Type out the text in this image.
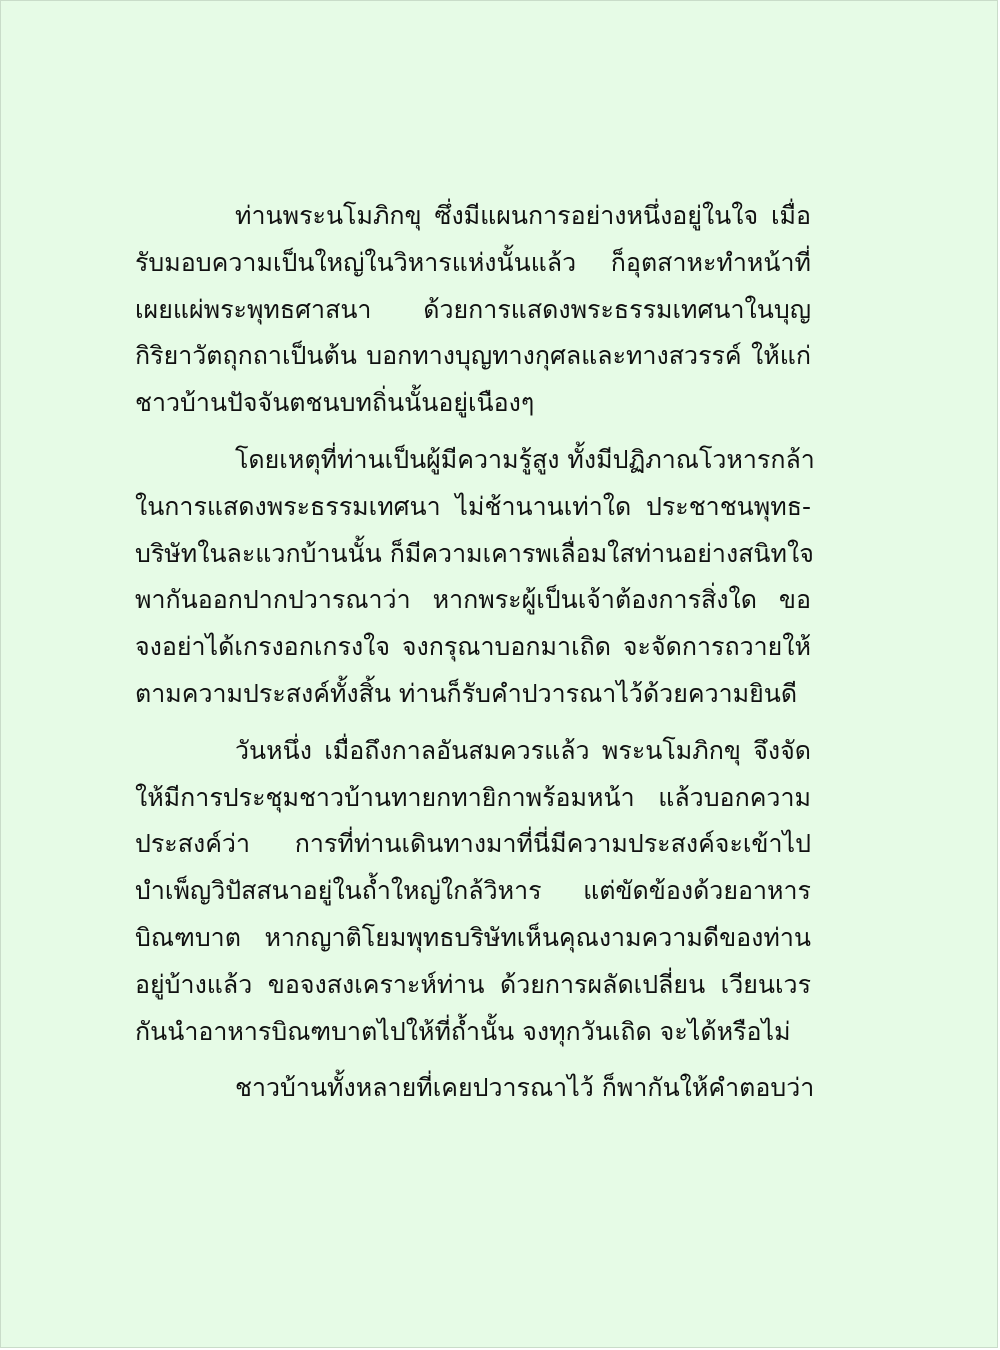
ท่านพระนโมภิกขุ ซึ่งมีแผนการอย่างหนึ่งอยู่ในใจ เมื่อ
รับมอบความเป็นใหญ่ในวิหารแห่งนั้นแล้ว ก็อุตสาหะทำหน้าที่
เผยแผ่พระพุทธศาสนา ด้วยการแสดงพระธรรมเทศนาในบุญ
กิริยาวัตถุกถาเป็นต้น บอกทางบุญทางกุศลและทางสวรรค์ ให้แก่
ชาวบ้านปัจจันตชนบทถิ่นนั้นอยู่เนืองๆ
โดยเหตุที่ท่านเป็นผู้มีความรู้สูง ทั้งมีปฏิภาณโวหารกล้า
ในการแสดงพระธรรมเทศนา ไม่ช้านานเท่าใด ประชาชนพุทธ-
บริษัทในละแวกบ้านนั้น ก็มีความเคารพเลื่อมใสท่านอย่างสนิทใจ
พากันออกปากปวารณาว่า หากพระผู้เป็นเจ้าต้องการสิ่งใด ขอ
จงอย่าได้เกรงอกเกรงใจ จงกรุณาบอกมาเถิด จะจัดการถวายให้
ตามความประสงค์ทั้งสิ้น ท่านก็รับคำปวารณาไว้ด้วยความยินดี
วันหนึ่ง เมื่อถึงกาลอันสมควรแล้ว พระนโมภิกขุ จึงจัด
ให้มีการประชุมชาวบ้านทายกทายิกาพร้อมหน้า แล้วบอกความ
ประสงค์ว่า การที่ท่านเดินทางมาที่นี่มีความประสงค์จะเข้าไป
บำเพ็ญวิปัสสนาอยู่ในถ้ำใหญ่ใกล้วิหาร แต่ขัดข้องด้วยอาหาร
บิณฑบาต หากญาติโยมพุทธบริษัทเห็นคุณงามความดีของท่าน
อยู่บ้างแล้ว ขอจงสงเคราะห์ท่าน ด้วยการผลัดเปลี่ยน เวียนเวร
กันนำอาหารบิณฑบาตไปให้ที่ถ้ำนั้น จงทุกวันเถิด จะได้หรือไม่
ชาวบ้านทั้งหลายที่เคยปวารณาไว้ ก็พากันให้คำตอบว่า
